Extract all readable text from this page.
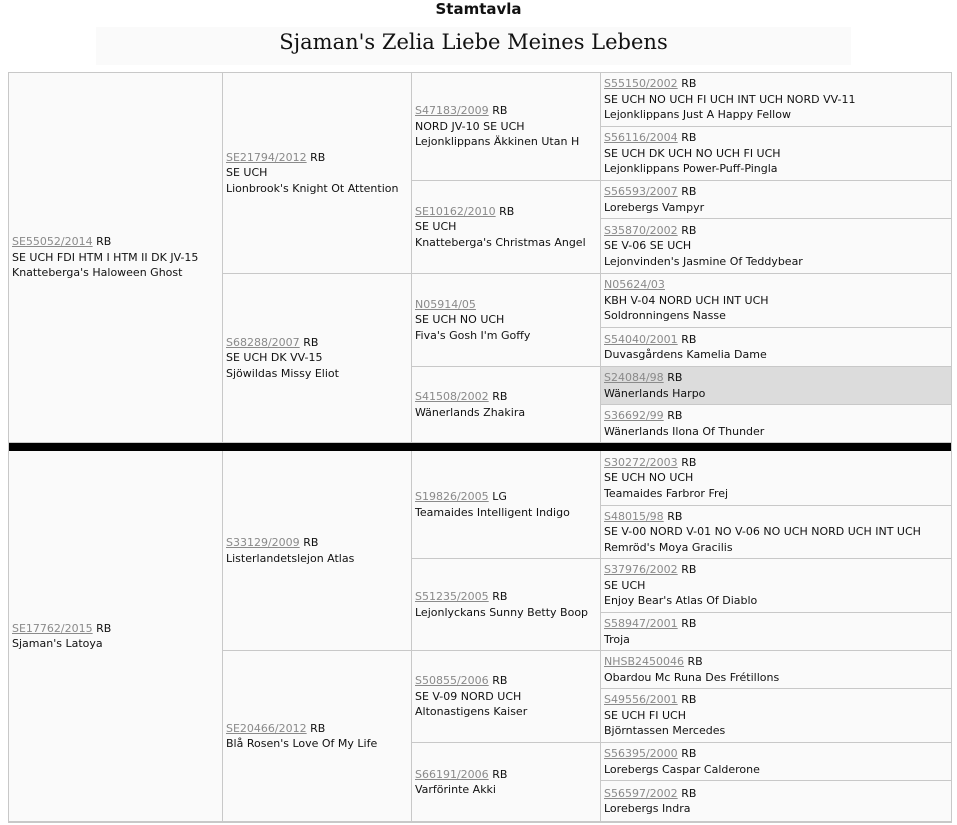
Stamtavla
Sjaman's Zelia Liebe Meines Lebens
SE55052/2014 RB
SE UCH FDI HTM I HTM II DK JV-15
Knatteberga's Haloween Ghost
SE17762/2015 RB
Sjaman's Latoya
SE21794/2012 RB
SE UCH
Lionbrook's Knight Ot Attention
S68288/2007 RB
SE UCH DK VV-15
Sjöwildas Missy Eliot
S33129/2009 RB
Listerlandetslejon Atlas
SE20466/2012 RB
Blå Rosen's Love Of My Life
S47183/2009 RB
NORD JV-10 SE UCH
Lejonklippans Äkkinen Utan H
SE10162/2010 RB
SE UCH
Knatteberga's Christmas Angel
N05914/05
SE UCH NO UCH
Fiva's Gosh I'm Goffy
S41508/2002 RB
Wänerlands Zhakira
S19826/2005 LG
Teamaides Intelligent Indigo
S51235/2005 RB
Lejonlyckans Sunny Betty Boop
S50855/2006 RB
SE V-09 NORD UCH
Altonastigens Kaiser
S66191/2006 RB
Varförinte Akki
S55150/2002 RB
SE UCH NO UCH FI UCH INT UCH NORD VV-11
Lejonklippans Just A Happy Fellow
S56116/2004 RB
SE UCH DK UCH NO UCH FI UCH
Lejonklippans Power-Puff-Pingla
S56593/2007 RB
Lorebergs Vampyr
S35870/2002 RB
SE V-06 SE UCH
Lejonvinden's Jasmine Of Teddybear
N05624/03
KBH V-04 NORD UCH INT UCH
Soldronningens Nasse
S54040/2001 RB
Duvasgårdens Kamelia Dame
S24084/98 RB
Wänerlands Harpo
S36692/99 RB
Wänerlands Ilona Of Thunder
S30272/2003 RB
SE UCH NO UCH
Teamaides Farbror Frej
S48015/98 RB
SE V-00 NORD V-01 NO V-06 NO UCH NORD UCH INT UCH
Remröd's Moya Gracilis
S37976/2002 RB
SE UCH
Enjoy Bear's Atlas Of Diablo
S58947/2001 RB
Troja
NHSB2450046 RB
Obardou Mc Runa Des Frétillons
S49556/2001 RB
SE UCH FI UCH
Björntassen Mercedes
S56395/2000 RB
Lorebergs Caspar Calderone
S56597/2002 RB
Lorebergs Indra
